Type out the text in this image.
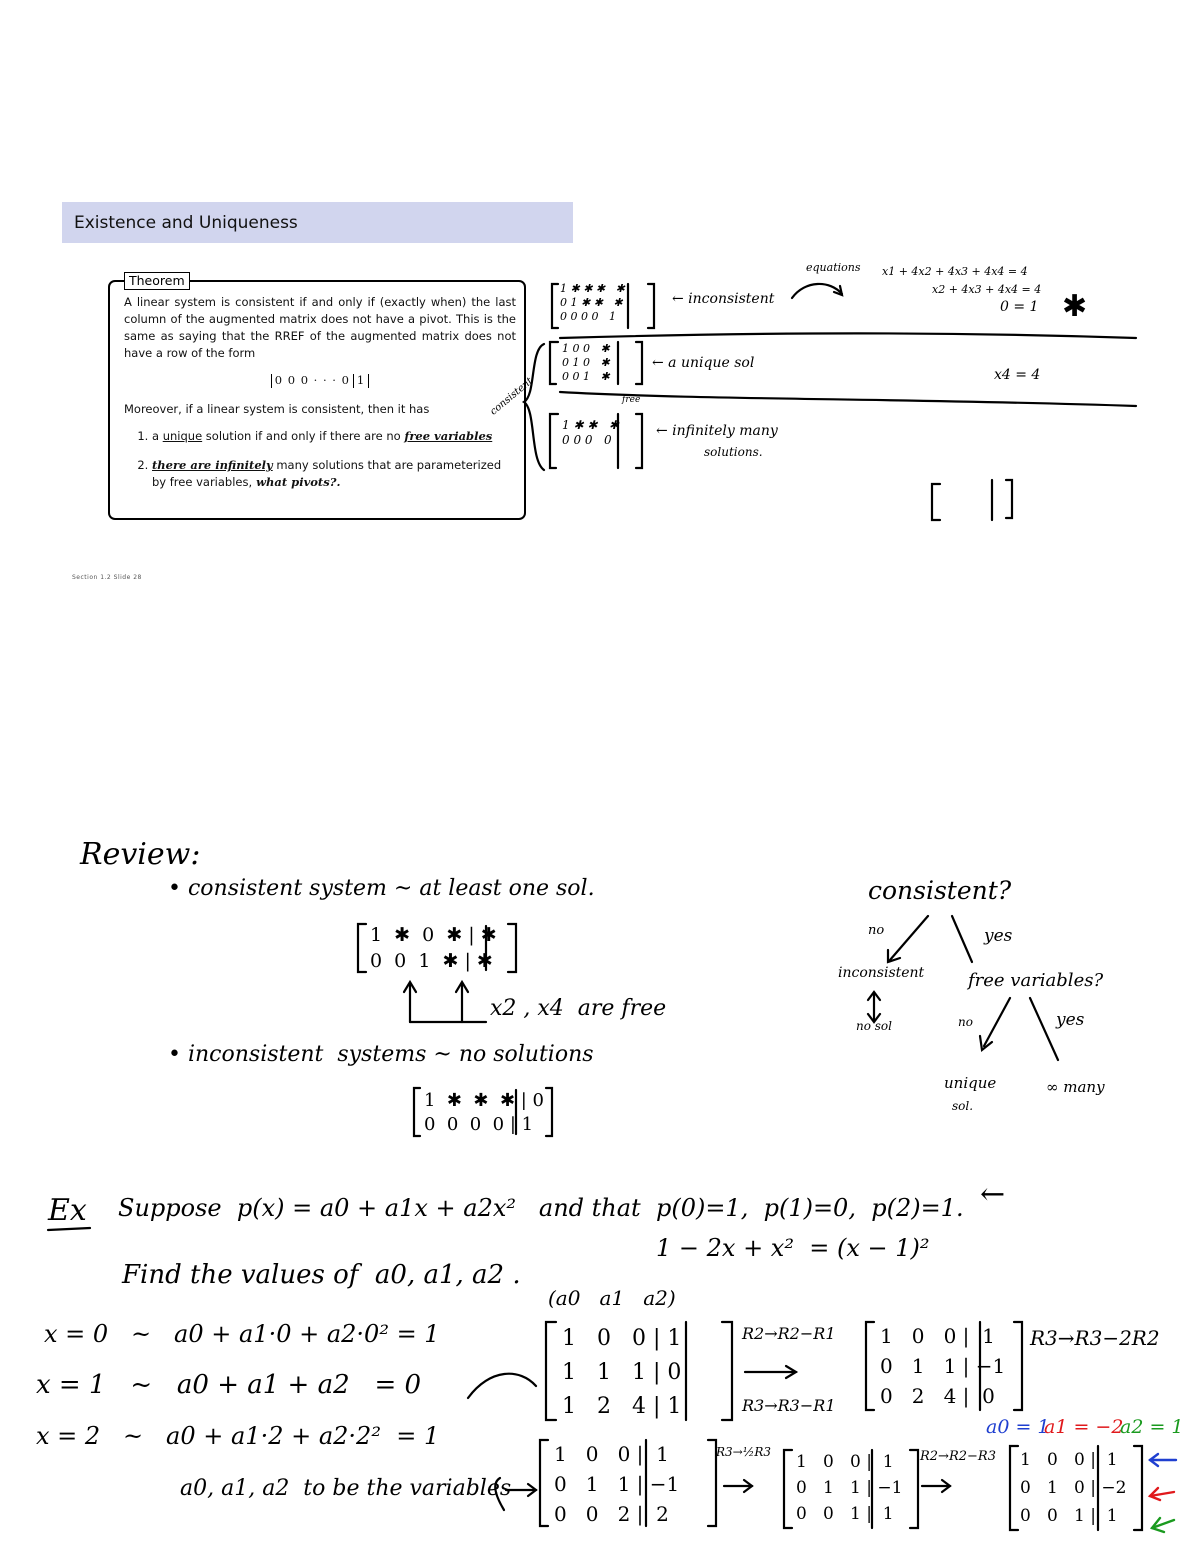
Existence and Uniqueness
Theorem

A linear system is consistent if and only if (exactly when) the last column of the augmented matrix does not have a pivot. This is the same as saying that the RREF of the augmented matrix does not have a row of the form

0 0 0 · · · 0 1

Moreover, if a linear system is consistent, then it has

1. a unique solution if and only if there are no free variables
2. there are infinitely many solutions that are parameterized by free variables, what pivots?.
Section 1.2 Slide 28
1 ✱ ✱ ✱   ✱
0 1 ✱ ✱   ✱
0 0 0 0   1
← inconsistent
equations x1 + 4x2 + 4x3 + 4x4 = 4
x2 + 4x3 + 4x4 = 4
0 = 1 ✱
1 0 0   ✱
0 1 0   ✱
0 0 1   ✱
← a unique sol
x4 = 4
consistent	free
1 ✱ ✱   ✱
0 0 0   0
← infinitely many
solutions.
Review:
• consistent system ~ at least one sol.
1  ✱  0  ✱ | ✱
0  0  1  ✱ | ✱
x2 , x4  are free
• inconsistent  systems ~ no solutions
1  ✱  ✱  ✱ | 0
0  0  0  0 | 1
consistent?
no	yes
inconsistent
no sol
free variables?
no	yes
unique
sol.
∞ many
Ex Suppose  p(x) = a0 + a1x + a2x²   and that  p(0)=1,  p(1)=0,  p(2)=1. ←
1 − 2x + x²  = (x − 1)²
Find the values of  a0, a1, a2 .
(a0   a1   a2)
x = 0   ~   a0 + a1·0 + a2·0² = 1
x = 1   ~   a0 + a1 + a2   = 0
x = 2   ~   a0 + a1·2 + a2·2²  = 1
a0, a1, a2  to be the variables
1   0   0 | 1
1   1   1 | 0
1   2   4 | 1
R2→R2−R1
R3→R3−R1
1   0   0 |  1
0   1   1 | −1
0   2   4 |  0
R3→R3−2R2
a0 = 1
a1 = −2
a2 = 1
1   0   0 |  1
0   1   1 | −1
0   0   2 |  2
R3→½R3 1   0   0 |  1
0   1   1 | −1
0   0   1 |  1
R2→R2−R3 1   0   0 |  1
0   1   0 | −2
0   0   1 |  1
